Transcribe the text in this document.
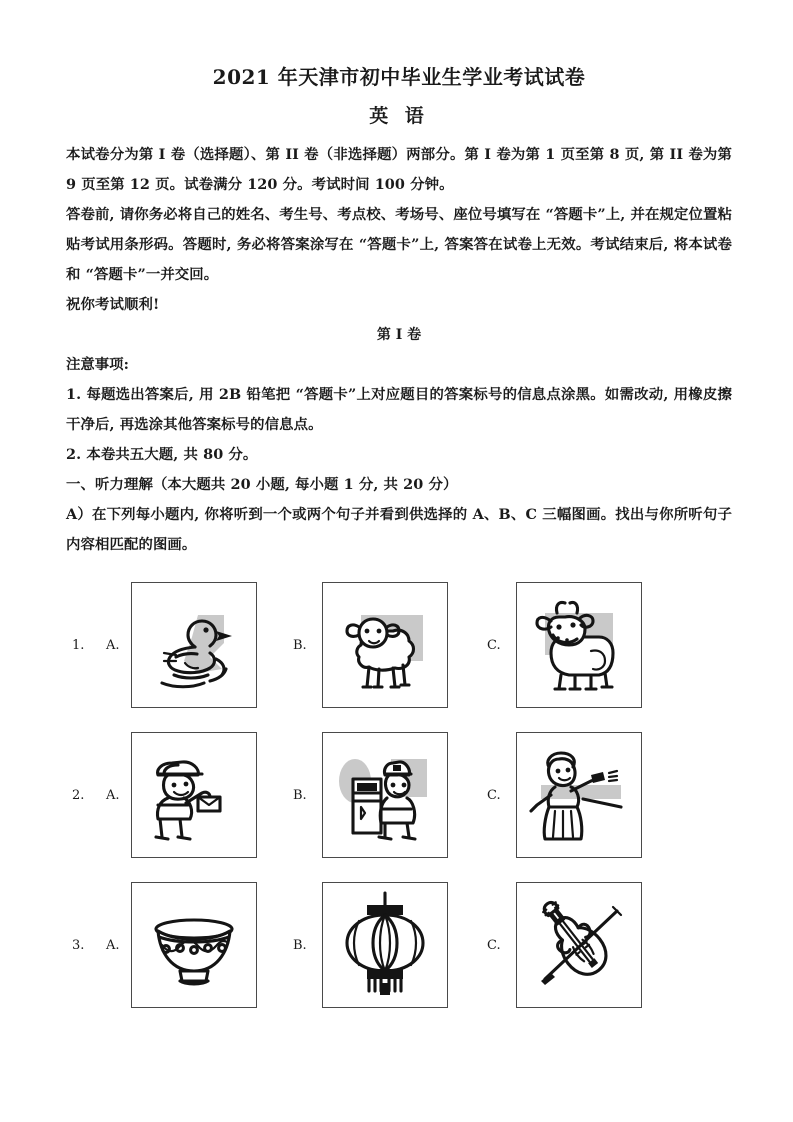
2021 年天津市初中毕业生学业考试试卷
英 语

本试卷分为第 I 卷（选择题）、第 II 卷（非选择题）两部分。第 I 卷为第 1 页至第 8 页, 第 II 卷为第 9 页至第 12 页。试卷满分 120 分。考试时间 100 分钟。

答卷前, 请你务必将自己的姓名、考生号、考点校、考场号、座位号填写在 “答题卡”上, 并在规定位置粘贴考试用条形码。答题时, 务必将答案涂写在 “答题卡”上, 答案答在试卷上无效。考试结束后, 将本试卷和 “答题卡”一并交回。

祝你考试顺利!

第 I 卷

注意事项:

1. 每题选出答案后, 用 2B 铅笔把 “答题卡”上对应题目的答案标号的信息点涂黑。如需改动, 用橡皮擦干净后, 再选涂其他答案标号的信息点。

2. 本卷共五大题, 共 80 分。

一、听力理解（本大题共 20 小题, 每小题 1 分, 共 20 分）

A）在下列每小题内, 你将听到一个或两个句子并看到供选择的 A、B、C 三幅图画。找出与你所听句子内容相匹配的图画。

1.	A.	B.	C.
2.	A.	B.	C.
3.	A.	B.	C.
